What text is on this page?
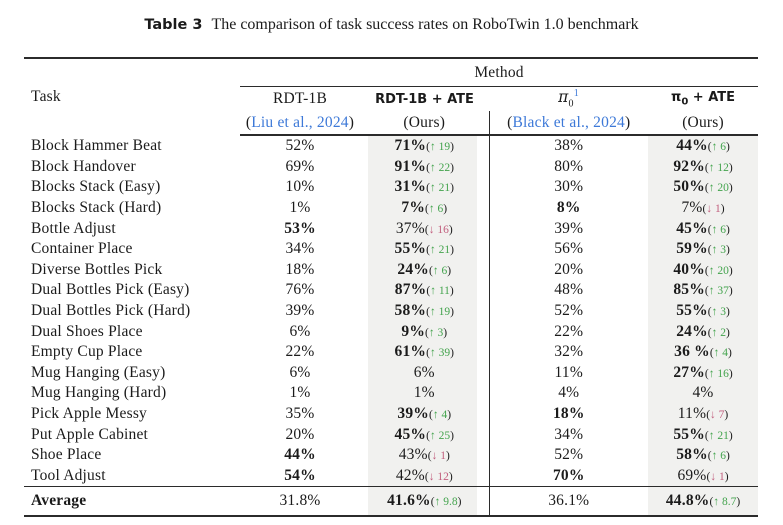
Table 3 The comparison of task success rates on RoboTwin 1.0 benchmark
Task	Method			
	RDT-1B	RDT-1B + ATE	$\pi_0^1$	$\pi_0$ + ATE
	(Liu et al., 2024)	(Ours)	(Black et al., 2024)	(Ours)
Block Hammer Beat	52%	71%(↑ 19)	38%	44%(↑ 6)
Block Handover	69%	91%(↑ 22)	80%	92%(↑ 12)
Blocks Stack (Easy)	10%	31%(↑ 21)	30%	50%(↑ 20)
Blocks Stack (Hard)	1%	7%(↑ 6)	8%	7%(↓ 1)
Bottle Adjust	53%	37%(↓ 16)	39%	45%(↑ 6)
Container Place	34%	55%(↑ 21)	56%	59%(↑ 3)
Diverse Bottles Pick	18%	24%(↑ 6)	20%	40%(↑ 20)
Dual Bottles Pick (Easy)	76%	87%(↑ 11)	48%	85%(↑ 37)
Dual Bottles Pick (Hard)	39%	58%(↑ 19)	52%	55%(↑ 3)
Dual Shoes Place	6%	9%(↑ 3)	22%	24%(↑ 2)
Empty Cup Place	22%	61%(↑ 39)	32%	36 %(↑ 4)
Mug Hanging (Easy)	6%	6%	11%	27%(↑ 16)
Mug Hanging (Hard)	1%	1%	4%	4%
Pick Apple Messy	35%	39%(↑ 4)	18%	11%(↓ 7)
Put Apple Cabinet	20%	45%(↑ 25)	34%	55%(↑ 21)
Shoe Place	44%	43%(↓ 1)	52%	58%(↑ 6)
Tool Adjust	54%	42%(↓ 12)	70%	69%(↓ 1)
Average	31.8%	41.6%(↑ 9.8)	36.1%	44.8%(↑ 8.7)
